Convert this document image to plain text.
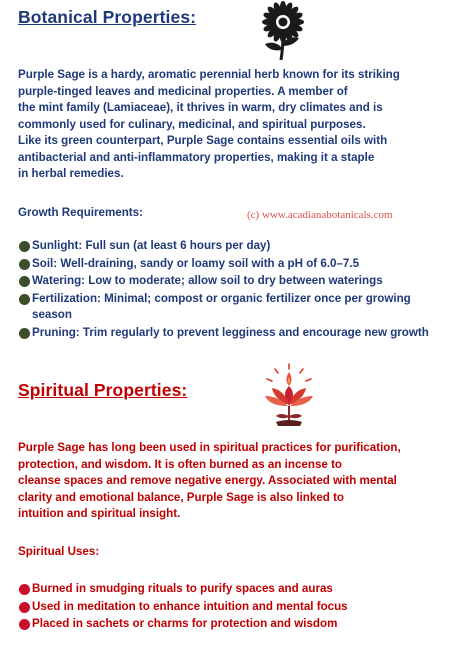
Botanical Properties:
Purple Sage is a hardy, aromatic perennial herb known for its striking
purple-tinged leaves and medicinal properties. A member of
the mint family (Lamiaceae), it thrives in warm, dry climates and is
commonly used for culinary, medicinal, and spiritual purposes.
Like its green counterpart, Purple Sage contains essential oils with
antibacterial and anti-inflammatory properties, making it a staple
in herbal remedies.
Growth Requirements:	(c) www.acadianabotanicals.com
Sunlight: Full sun (at least 6 hours per day)
Soil: Well-draining, sandy or loamy soil with a pH of 6.0–7.5
Watering: Low to moderate; allow soil to dry between waterings
Fertilization: Minimal; compost or organic fertilizer once per growing season
Pruning: Trim regularly to prevent legginess and encourage new growth
Spiritual Properties:
Purple Sage has long been used in spiritual practices for purification,
protection, and wisdom. It is often burned as an incense to
cleanse spaces and remove negative energy. Associated with mental
clarity and emotional balance, Purple Sage is also linked to
intuition and spiritual insight.
Spiritual Uses:
Burned in smudging rituals to purify spaces and auras
Used in meditation to enhance intuition and mental focus
Placed in sachets or charms for protection and wisdom
